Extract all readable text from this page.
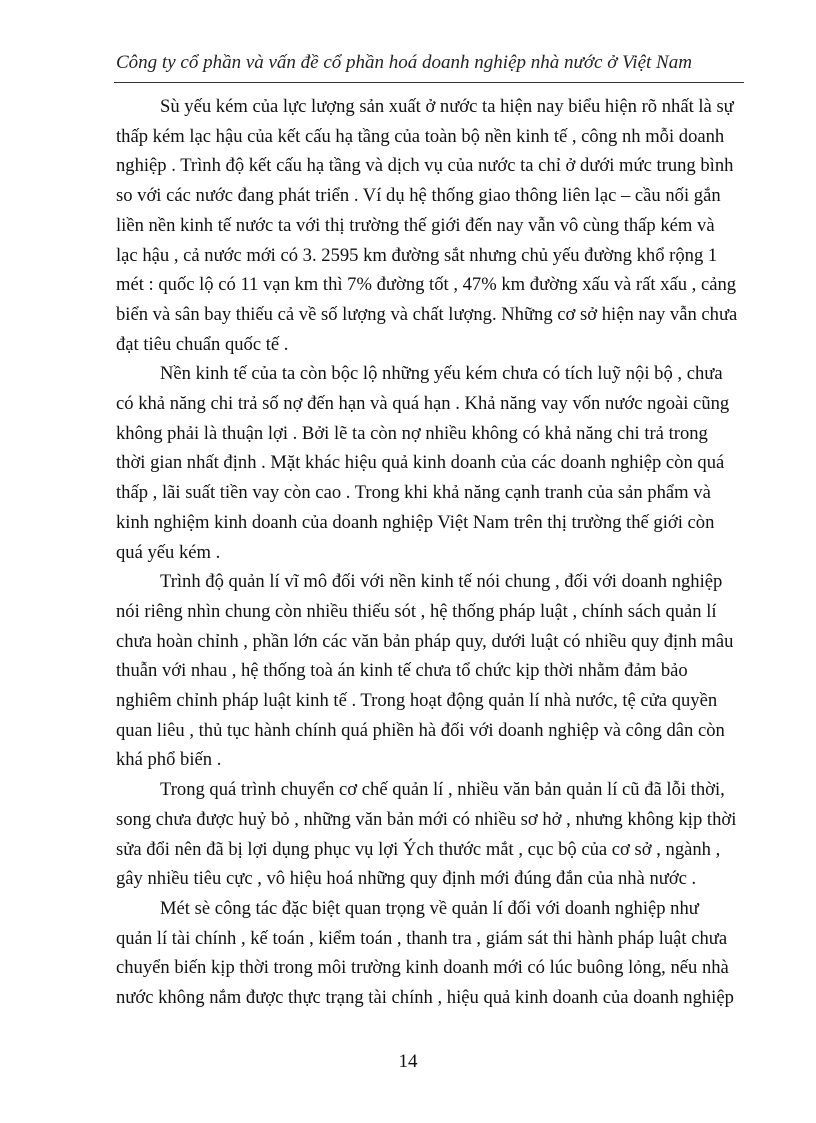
Công ty cổ phần và vấn đề cổ phần hoá doanh nghiệp nhà nước ở Việt Nam

Sù yếu kém của lực lượng sản xuất ở nước ta hiện nay biểu hiện rõ nhất là sự
thấp kém lạc hậu của kết cấu hạ tầng của toàn bộ nền kinh tế , công nh mỗi doanh
nghiệp . Trình độ kết cấu hạ tầng và dịch vụ của nước ta chỉ ở dưới mức trung bình
so với các nước đang phát triển . Ví dụ hệ thống giao thông liên lạc – cầu nối gắn
liền nền kinh tế nước ta với thị trường thế giới đến nay vẫn vô cùng thấp kém và
lạc hậu , cả nước mới có 3. 2595 km đường sắt nhưng chủ yếu đường khổ rộng 1
mét : quốc lộ có 11 vạn km thì 7% đường tốt , 47% km đường xấu và rất xấu , cảng
biển và sân bay thiếu cả về số lượng và chất lượng. Những cơ sở hiện nay vẫn chưa
đạt tiêu chuẩn quốc tế .

Nền kinh tế của ta còn bộc lộ những yếu kém chưa có tích luỹ nội bộ , chưa
có khả năng chi trả số nợ đến hạn và quá hạn . Khả năng vay vốn nước ngoài cũng
không phải là thuận lợi . Bởi lẽ ta còn nợ nhiều không có khả năng chi trả trong
thời gian nhất định . Mặt khác hiệu quả kinh doanh của các doanh nghiệp còn quá
thấp , lãi suất tiền vay còn cao . Trong khi khả năng cạnh tranh của sản phẩm và
kinh nghiệm kinh doanh của doanh nghiệp Việt Nam trên thị trường thế giới còn
quá yếu kém .

Trình độ quản lí vĩ mô đối với nền kinh tế nói chung , đối với doanh nghiệp
nói riêng nhìn chung còn nhiều thiếu sót , hệ thống pháp luật , chính sách quản lí
chưa hoàn chỉnh , phần lớn các văn bản pháp quy, dưới luật có nhiều quy định mâu
thuẫn với nhau , hệ thống toà án kinh tế chưa tổ chức kịp thời nhằm đảm bảo
nghiêm chỉnh pháp luật kinh tế . Trong hoạt động quản lí nhà nước, tệ cửa quyền
quan liêu , thủ tục hành chính quá phiền hà đối với doanh nghiệp và công dân còn
khá phổ biến .

Trong quá trình chuyển cơ chế quản lí , nhiều văn bản quản lí cũ đã lỗi thời,
song chưa được huỷ bỏ , những văn bản mới có nhiều sơ hở , nhưng không kịp thời
sửa đổi nên đã bị lợi dụng phục vụ lợi Ých thước mắt , cục bộ của cơ sở , ngành ,
gây nhiều tiêu cực , vô hiệu hoá những quy định mới đúng đắn của nhà nước .

Mét sè công tác đặc biệt quan trọng về quản lí đối với doanh nghiệp như
quản lí tài chính , kế toán , kiểm toán , thanh tra , giám sát thi hành pháp luật chưa
chuyển biến kịp thời trong môi trường kinh doanh mới có lúc buông lỏng, nếu nhà
nước không nắm được thực trạng tài chính , hiệu quả kinh doanh của doanh nghiệp

14
